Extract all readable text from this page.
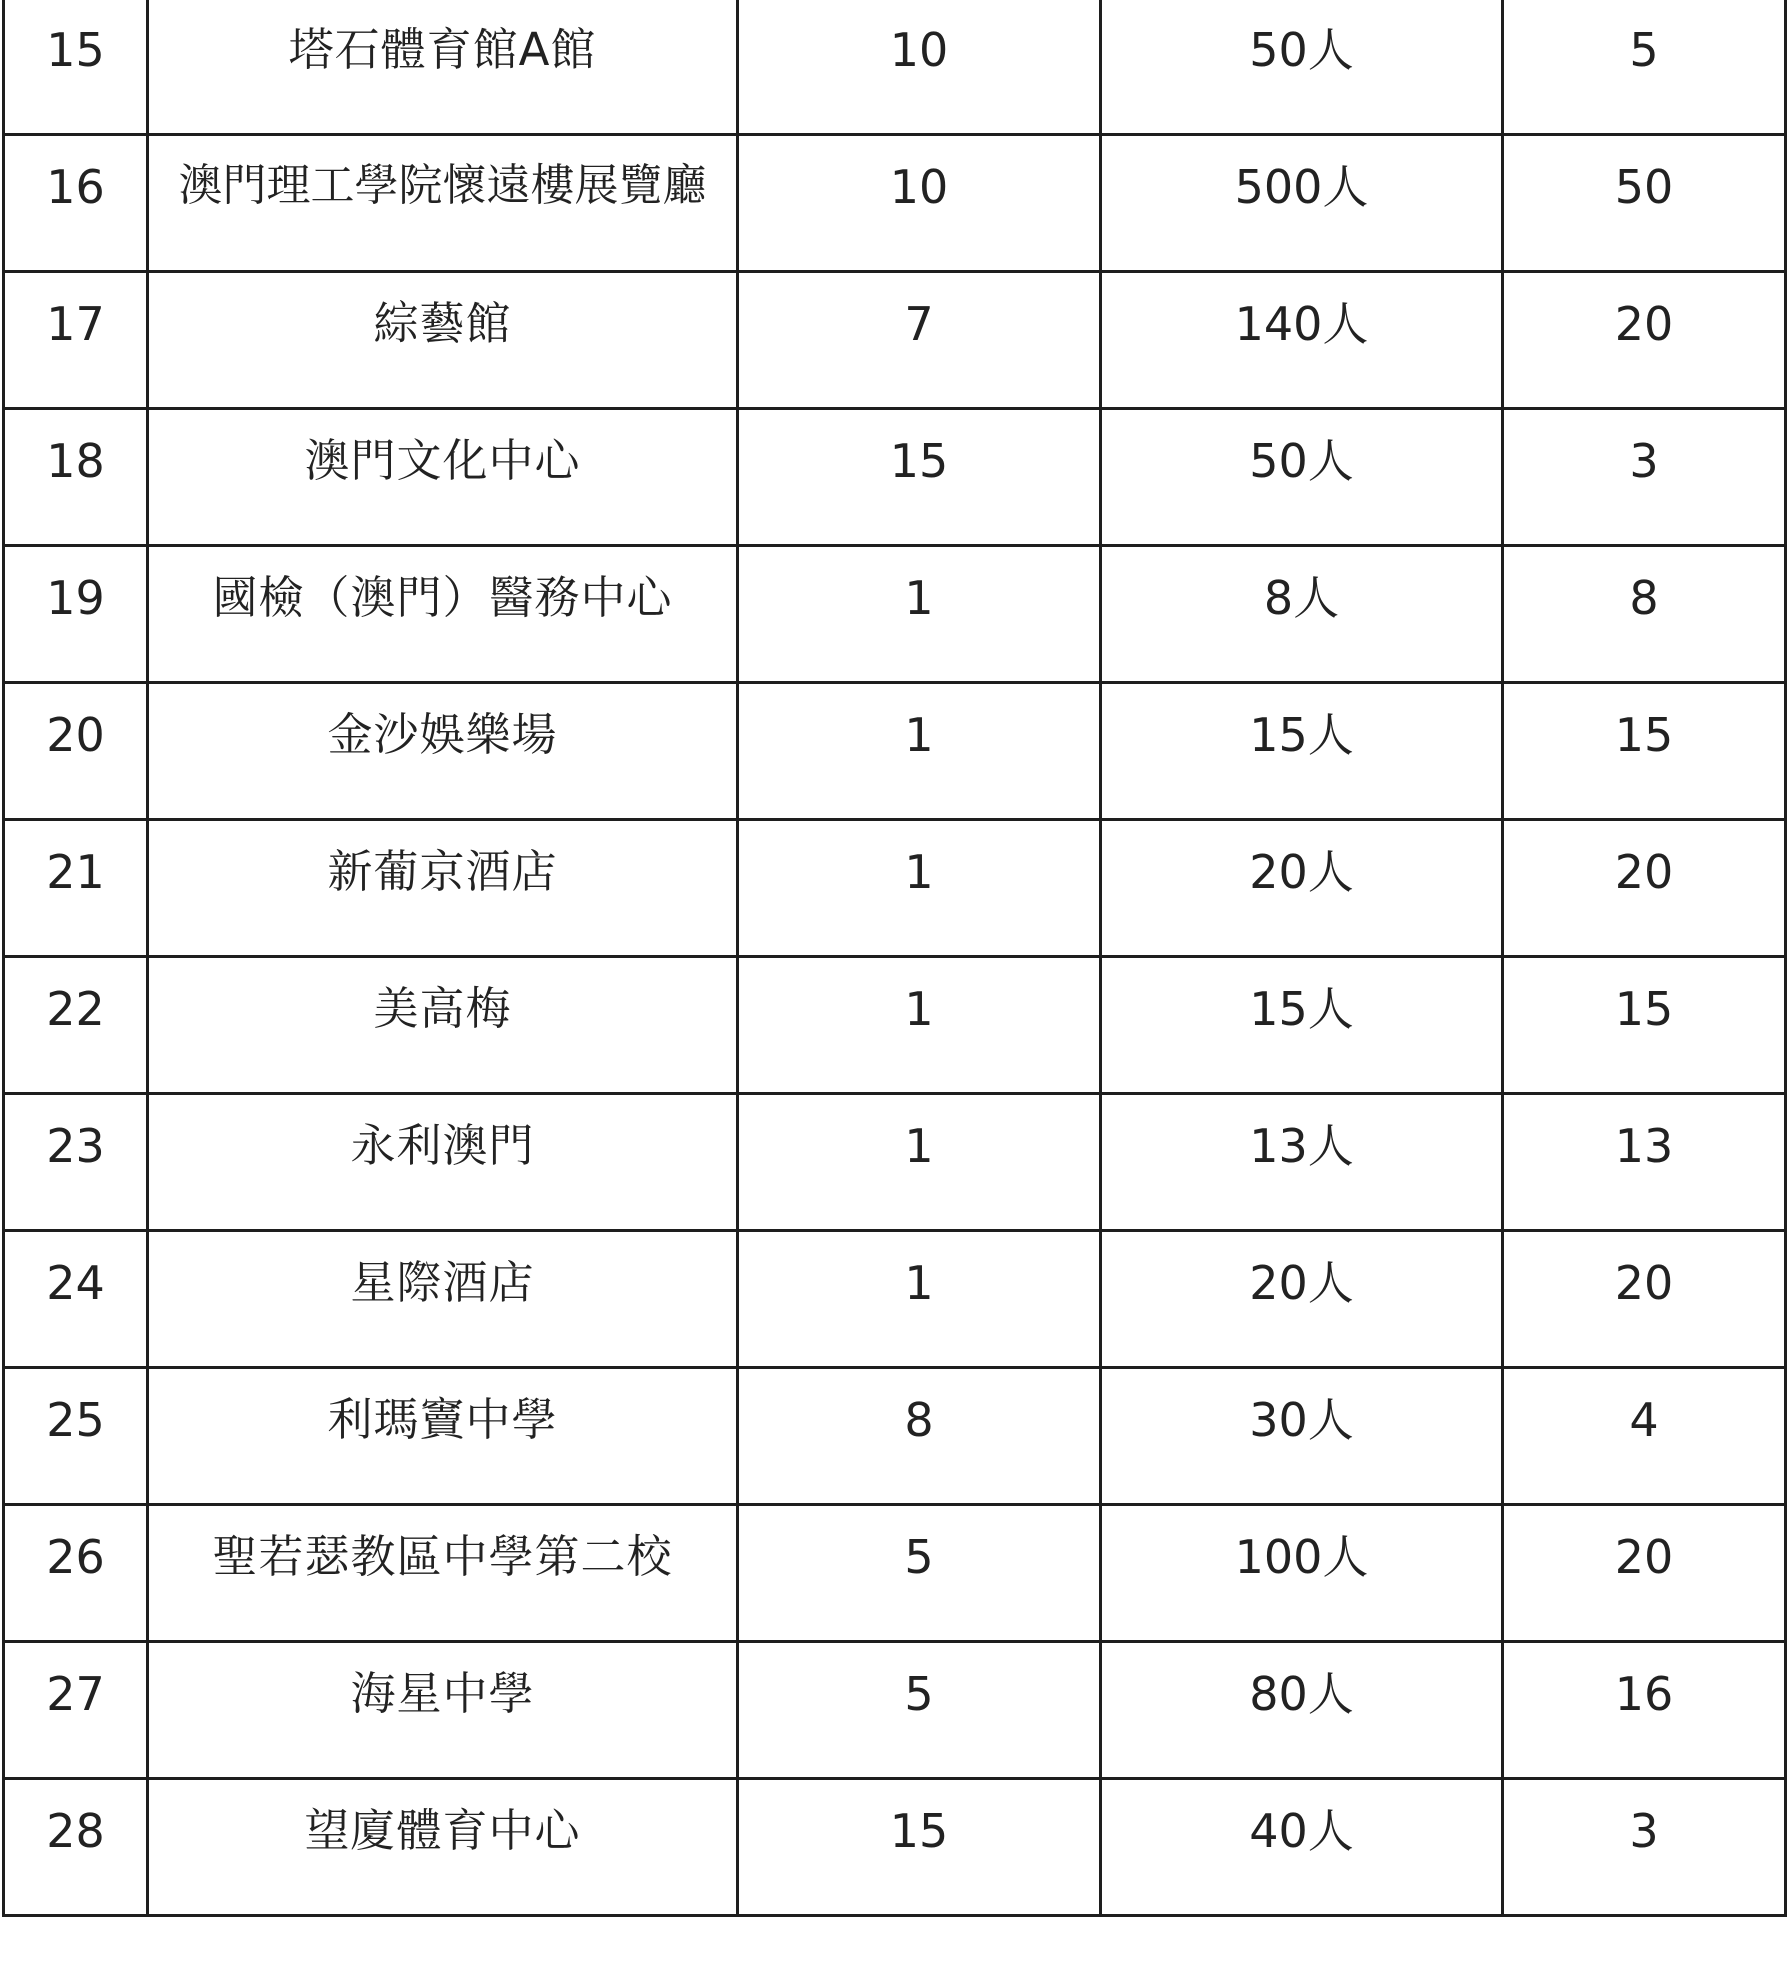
15	塔石體育館A館	10	50人	5
16	澳門理工學院懷遠樓展覽廳	10	500人	50
17	綜藝館	7	140人	20
18	澳門文化中心	15	50人	3
19	國檢（澳門）醫務中心	1	8人	8
20	金沙娛樂場	1	15人	15
21	新葡京酒店	1	20人	20
22	美高梅	1	15人	15
23	永利澳門	1	13人	13
24	星際酒店	1	20人	20
25	利瑪竇中學	8	30人	4
26	聖若瑟教區中學第二校	5	100人	20
27	海星中學	5	80人	16
28	望廈體育中心	15	40人	3
